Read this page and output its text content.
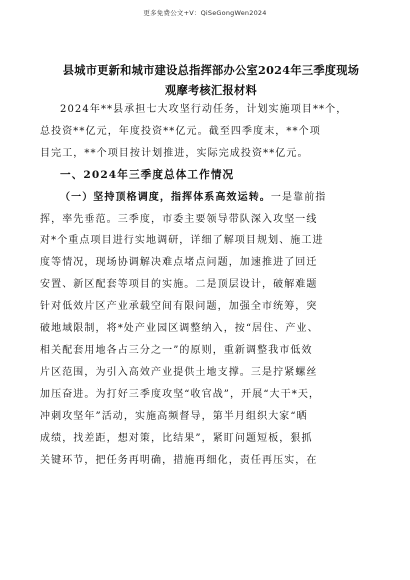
更多免费公文+V：QiSeGongWen2024
县城市更新和城市建设总指挥部办公室2024年三季度现场
观摩考核汇报材料
2024年**县承担七大攻坚行动任务，计划实施项目**个，
总投资**亿元，年度投资**亿元。截至四季度末，**个项
目完工，**个项目按计划推进，实际完成投资**亿元。
一、2024年三季度总体工作情况
（一）坚持顶格调度，指挥体系高效运转。一是靠前指
挥，率先垂范。三季度，市委主要领导带队深入攻坚一线
对*个重点项目进行实地调研，详细了解项目规划、施工进
度等情况，现场协调解决难点堵点问题，加速推进了回迁
安置、新区配套等项目的实施。二是顶层设计，破解难题
针对低效片区产业承载空间有限问题，加强全市统筹，突
破地域限制，将*处产业园区调整纳入，按“居住、产业、
相关配套用地各占三分之一”的原则，重新调整我市低效
片区范围，为引入高效产业提供土地支撑。三是拧紧螺丝
加压奋进。为打好三季度攻坚“收官战”，开展“大干*天，
冲刺攻坚年”活动，实施高频督导，第半月组织大家“晒
成绩，找差距，想对策，比结果”，紧盯问题短板，狠抓
关键环节，把任务再明确，措施再细化，责任再压实，在
